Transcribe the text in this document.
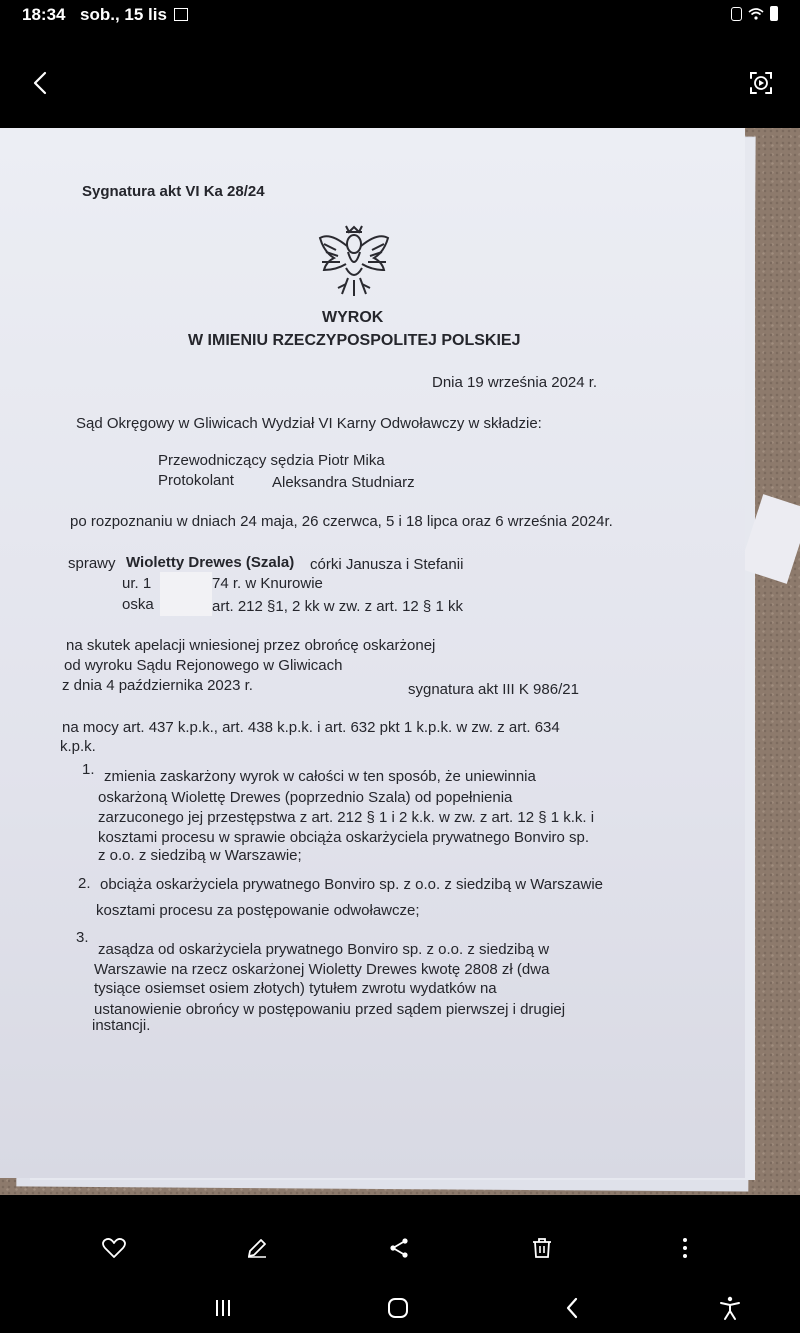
18:34 sob., 15 lis
Sygnatura akt VI Ka 28/24
WYROK
W IMIENIU RZECZYPOSPOLITEJ POLSKIEJ
Dnia 19 września 2024 r.
Sąd Okręgowy w Gliwicach Wydział VI Karny Odwoławczy w składzie:
Przewodniczący sędzia Piotr Mika
Protokolant	Aleksandra Studniarz
po rozpoznaniu w dniach 24 maja, 26 czerwca, 5 i 18 lipca oraz 6 września 2024r.
sprawy Wioletty Drewes (Szala) córki Janusza i Stefanii
ur. 1	74 r. w Knurowie
oska	art. 212 §1, 2 kk w zw. z art. 12 § 1 kk
na skutek apelacji wniesionej przez obrońcę oskarżonej
od wyroku Sądu Rejonowego w Gliwicach
z dnia 4 października 2023 r.	sygnatura akt III K 986/21
na mocy art. 437 k.p.k., art. 438 k.p.k. i art. 632 pkt 1 k.p.k. w zw. z art. 634
k.p.k.
1. zmienia zaskarżony wyrok w całości w ten sposób, że uniewinnia
oskarżoną Wiolettę Drewes (poprzednio Szala) od popełnienia
zarzuconego jej przestępstwa z art. 212 § 1 i 2 k.k. w zw. z art. 12 § 1 k.k. i
kosztami procesu w sprawie obciąża oskarżyciela prywatnego Bonviro sp.
z o.o. z siedzibą w Warszawie;
2. obciąża oskarżyciela prywatnego Bonviro sp. z o.o. z siedzibą w Warszawie
kosztami procesu za postępowanie odwoławcze;
3.
zasądza od oskarżyciela prywatnego Bonviro sp. z o.o. z siedzibą w
Warszawie na rzecz oskarżonej Wioletty Drewes kwotę 2808 zł (dwa
tysiące osiemset osiem złotych) tytułem zwrotu wydatków na
ustanowienie obrońcy w postępowaniu przed sądem pierwszej i drugiej
instancji.
